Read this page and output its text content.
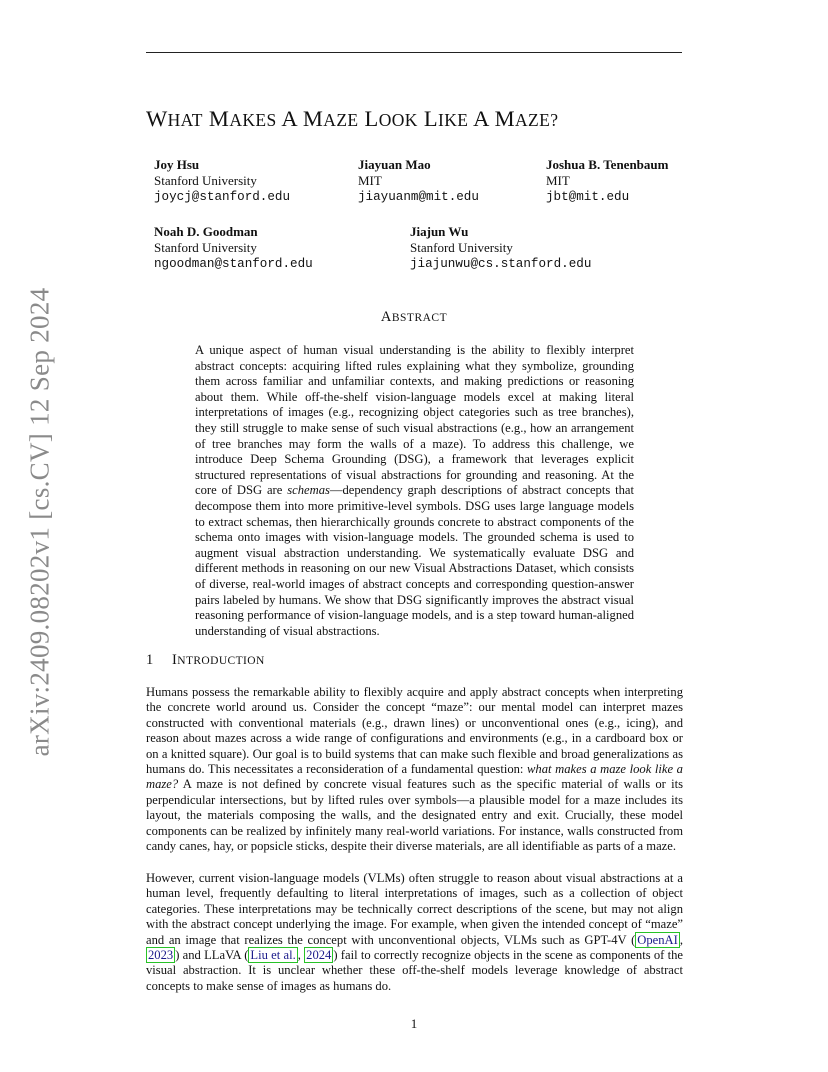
arXiv:2409.08202v1 [cs.CV] 12 Sep 2024
WHAT MAKES A MAZE LOOK LIKE A MAZE?
Joy Hsu
Stanford University
joycj@stanford.edu
Jiayuan Mao
MIT
jiayuanm@mit.edu
Joshua B. Tenenbaum
MIT
jbt@mit.edu
Noah D. Goodman
Stanford University
ngoodman@stanford.edu
Jiajun Wu
Stanford University
jiajunwu@cs.stanford.edu
ABSTRACT

A unique aspect of human visual understanding is the ability to flexibly interpret abstract concepts: acquiring lifted rules explaining what they symbolize, grounding them across familiar and unfamiliar contexts, and making predictions or reasoning about them. While off-the-shelf vision-language models excel at making literal interpretations of images (e.g., recognizing object categories such as tree branches), they still struggle to make sense of such visual abstractions (e.g., how an arrangement of tree branches may form the walls of a maze). To address this challenge, we introduce Deep Schema Grounding (DSG), a framework that leverages explicit structured representations of visual abstractions for grounding and reasoning. At the core of DSG are schemas—dependency graph descriptions of abstract concepts that decompose them into more primitive-level symbols. DSG uses large language models to extract schemas, then hierarchically grounds concrete to abstract components of the schema onto images with vision-language models. The grounded schema is used to augment visual abstraction understanding. We systematically evaluate DSG and different methods in reasoning on our new Visual Abstractions Dataset, which consists of diverse, real-world images of abstract concepts and corresponding question-answer pairs labeled by humans. We show that DSG significantly improves the abstract visual reasoning performance of vision-language models, and is a step toward human-aligned understanding of visual abstractions.

1 INTRODUCTION

Humans possess the remarkable ability to flexibly acquire and apply abstract concepts when interpreting the concrete world around us. Consider the concept “maze”: our mental model can interpret mazes constructed with conventional materials (e.g., drawn lines) or unconventional ones (e.g., icing), and reason about mazes across a wide range of configurations and environments (e.g., in a cardboard box or on a knitted square). Our goal is to build systems that can make such flexible and broad generalizations as humans do. This necessitates a reconsideration of a fundamental question: what makes a maze look like a maze? A maze is not defined by concrete visual features such as the specific material of walls or its perpendicular intersections, but by lifted rules over symbols—a plausible model for a maze includes its layout, the materials composing the walls, and the designated entry and exit. Crucially, these model components can be realized by infinitely many real-world variations. For instance, walls constructed from candy canes, hay, or popsicle sticks, despite their diverse materials, are all identifiable as parts of a maze.

However, current vision-language models (VLMs) often struggle to reason about visual abstractions at a human level, frequently defaulting to literal interpretations of images, such as a collection of object categories. These interpretations may be technically correct descriptions of the scene, but may not align with the abstract concept underlying the image. For example, when given the intended concept of “maze” and an image that realizes the concept with unconventional objects, VLMs such as GPT-4V ( OpenAI , 2023 ) and LLaVA ( Liu et al. , 2024 ) fail to correctly recognize objects in the scene as components of the visual abstraction. It is unclear whether these off-the-shelf models leverage knowledge of abstract concepts to make sense of images as humans do.

1
